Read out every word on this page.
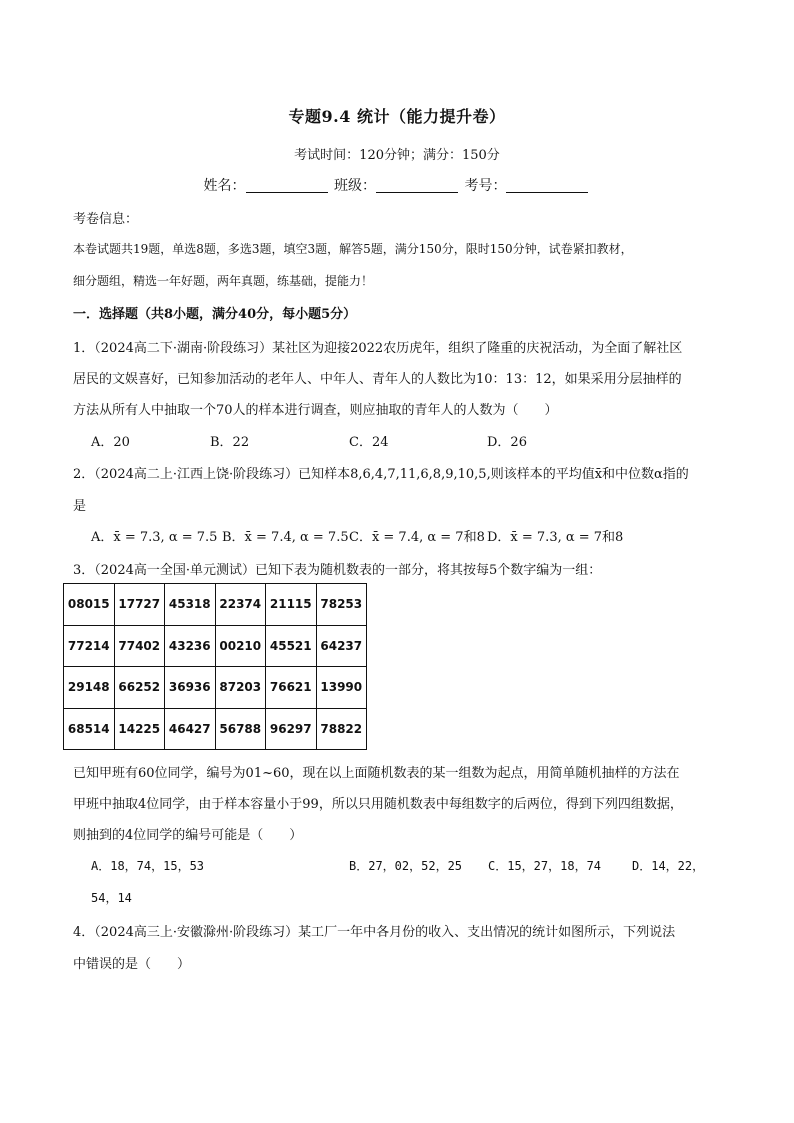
专题9.4 统计（能力提升卷）
考试时间：120分钟；满分：150分
姓名：	班级：	考号：
考卷信息：
本卷试题共19题，单选8题，多选3题，填空3题，解答5题，满分150分，限时150分钟，试卷紧扣教材，
细分题组，精选一年好题，两年真题，练基础，提能力！
一．选择题（共8小题，满分40分，每小题5分）
1．（2024高二下·湖南·阶段练习）某社区为迎接2022农历虎年，组织了隆重的庆祝活动，为全面了解社区
居民的文娱喜好，已知参加活动的老年人、中年人、青年人的人数比为10：13：12，如果采用分层抽样的
方法从所有人中抽取一个70人的样本进行调查，则应抽取的青年人的人数为（　　）
A．20	B．22	C．24	D．26
2．（2024高二上·江西上饶·阶段练习）已知样本8,6,4,7,11,6,8,9,10,5,则该样本的平均值x̄和中位数α指的
是
A．x̄ = 7.3, α = 7.5 B．x̄ = 7.4, α = 7.5 C．x̄ = 7.4, α = 7和8 D．x̄ = 7.3, α = 7和8
3．（2024高一全国·单元测试）已知下表为随机数表的一部分，将其按每5个数字编为一组：
08015	17727	45318	22374	21115	78253
77214	77402	43236	00210	45521	64237
29148	66252	36936	87203	76621	13990
68514	14225	46427	56788	96297	78822
已知甲班有60位同学，编号为01~60，现在以上面随机数表的某一组数为起点，用简单随机抽样的方法在
甲班中抽取4位同学，由于样本容量小于99，所以只用随机数表中每组数字的后两位，得到下列四组数据，
则抽到的4位同学的编号可能是（　　）
A．18，74，15，53	B．27，02，52，25 C．15，27，18，74	D．14，22，
54，14
4．（2024高三上·安徽滁州·阶段练习）某工厂一年中各月份的收入、支出情况的统计如图所示，下列说法
中错误的是（　　）
